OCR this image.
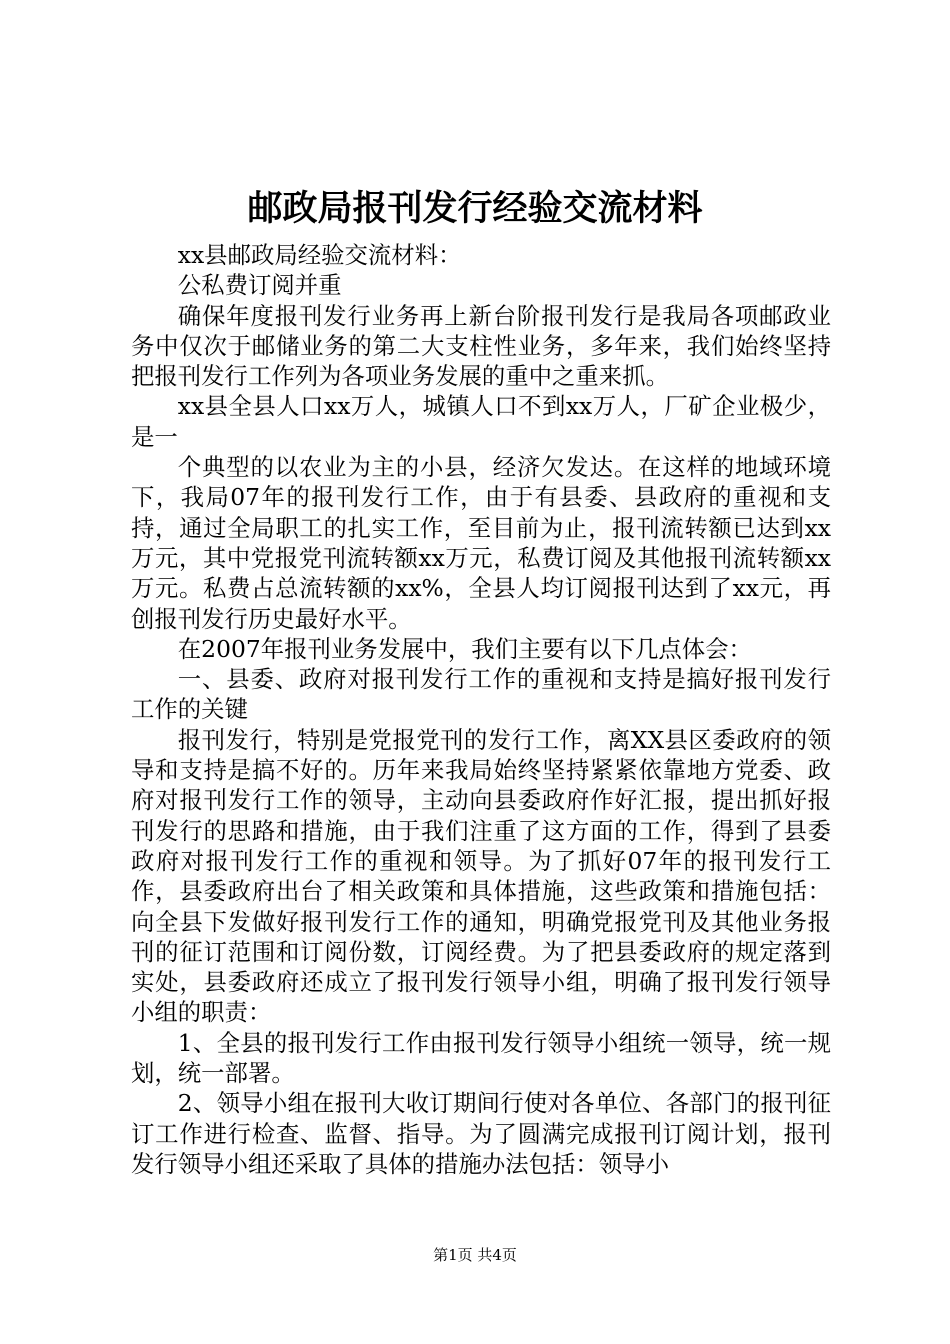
邮政局报刊发行经验交流材料

xx县邮政局经验交流材料：

公私费订阅并重

确保年度报刊发行业务再上新台阶报刊发行是我局各项邮政业务中仅次于邮储业务的第二大支柱性业务，多年来，我们始终坚持把报刊发行工作列为各项业务发展的重中之重来抓。

xx县全县人口xx万人，城镇人口不到xx万人，厂矿企业极少，是一

个典型的以农业为主的小县，经济欠发达。在这样的地域环境下，我局07年的报刊发行工作，由于有县委、县政府的重视和支持，通过全局职工的扎实工作，至目前为止，报刊流转额已达到xx万元，其中党报党刊流转额xx万元，私费订阅及其他报刊流转额xx万元。私费占总流转额的xx%，全县人均订阅报刊达到了xx元，再创报刊发行历史最好水平。

在2007年报刊业务发展中，我们主要有以下几点体会：

一、县委、政府对报刊发行工作的重视和支持是搞好报刊发行工作的关键

报刊发行，特别是党报党刊的发行工作，离XX县区委政府的领导和支持是搞不好的。历年来我局始终坚持紧紧依靠地方党委、政府对报刊发行工作的领导，主动向县委政府作好汇报，提出抓好报刊发行的思路和措施，由于我们注重了这方面的工作，得到了县委政府对报刊发行工作的重视和领导。为了抓好07年的报刊发行工作，县委政府出台了相关政策和具体措施，这些政策和措施包括：向全县下发做好报刊发行工作的通知，明确党报党刊及其他业务报刊的征订范围和订阅份数，订阅经费。为了把县委政府的规定落到实处，县委政府还成立了报刊发行领导小组，明确了报刊发行领导小组的职责：

1、全县的报刊发行工作由报刊发行领导小组统一领导，统一规划，统一部署。

2、领导小组在报刊大收订期间行使对各单位、各部门的报刊征订工作进行检查、监督、指导。为了圆满完成报刊订阅计划，报刊发行领导小组还采取了具体的措施办法包括：领导小

第1页 共4页
